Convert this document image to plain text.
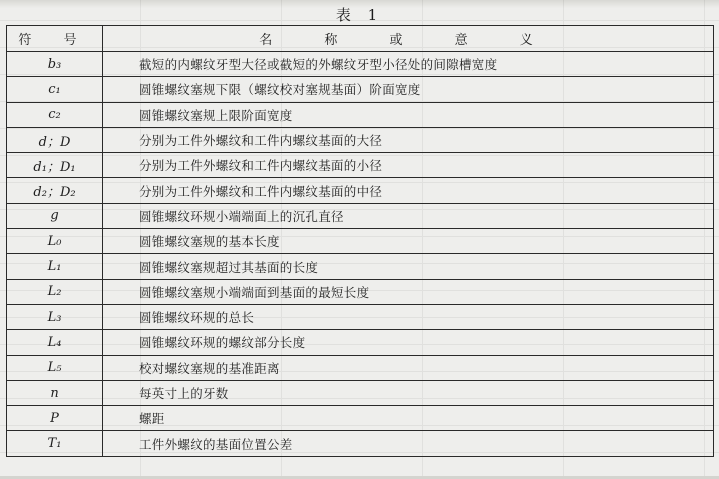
表 1
符 号	名 称 或 意 义
b₃	截短的内螺纹牙型大径或截短的外螺纹牙型小径处的间隙槽宽度
c₁	圆锥螺纹塞规下限（螺纹校对塞规基面）阶面宽度
c₂	圆锥螺纹塞规上限阶面宽度
d；D	分别为工件外螺纹和工件内螺纹基面的大径
d₁；D₁	分别为工件外螺纹和工件内螺纹基面的小径
d₂；D₂	分别为工件外螺纹和工件内螺纹基面的中径
g	圆锥螺纹环规小端端面上的沉孔直径
L₀	圆锥螺纹塞规的基本长度
L₁	圆锥螺纹塞规超过其基面的长度
L₂	圆锥螺纹塞规小端端面到基面的最短长度
L₃	圆锥螺纹环规的总长
L₄	圆锥螺纹环规的螺纹部分长度
L₅	校对螺纹塞规的基准距离
n	每英寸上的牙数
P	螺距
T₁	工件外螺纹的基面位置公差
